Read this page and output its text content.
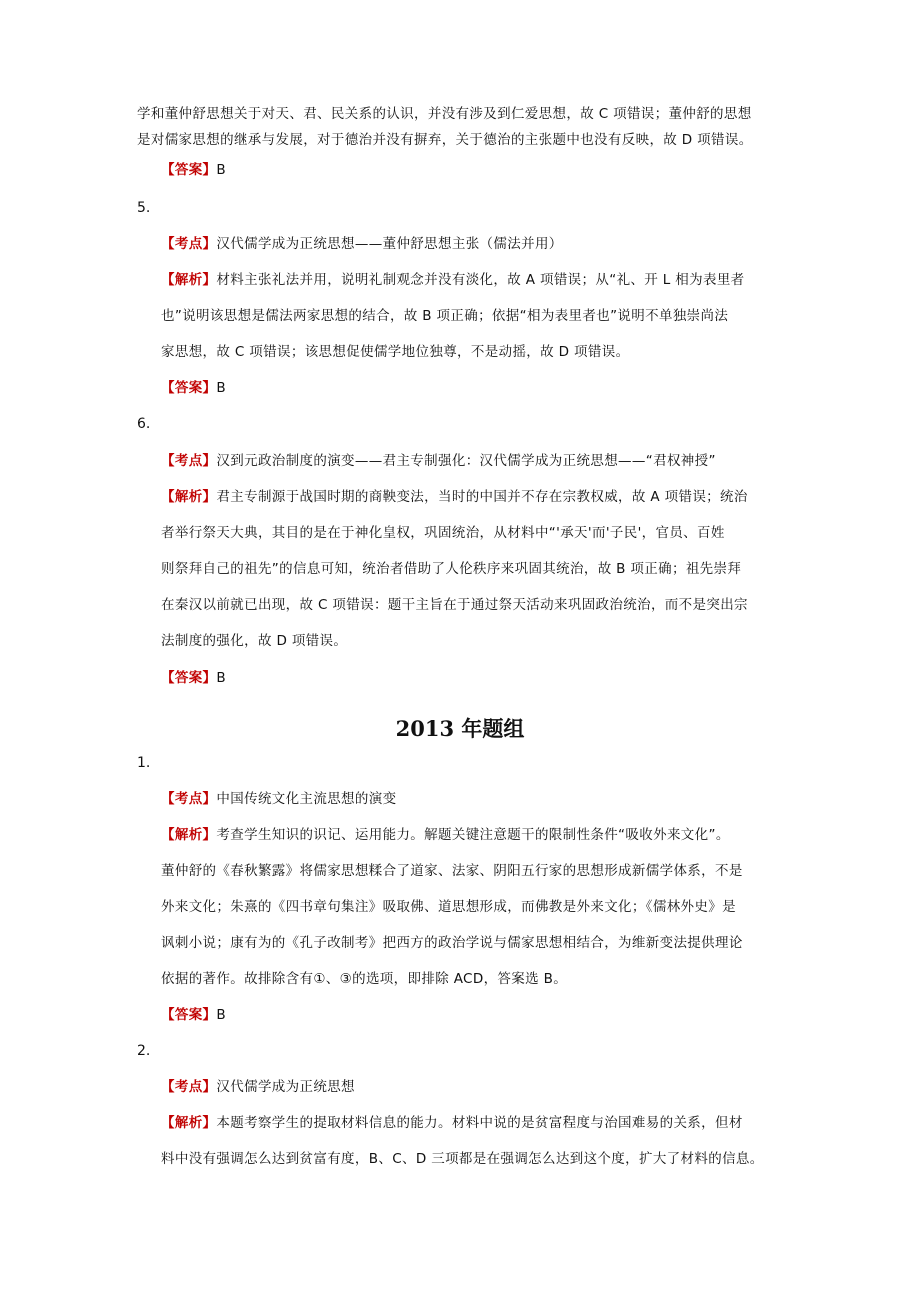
学和董仲舒思想关于对天、君、民关系的认识，并没有涉及到仁爱思想，故 C 项错误；董仲舒的思想
是对儒家思想的继承与发展，对于德治并没有摒弃，关于德治的主张题中也没有反映，故 D 项错误。
【答案】B
5.
【考点】汉代儒学成为正统思想——董仲舒思想主张（儒法并用）
【解析】材料主张礼法并用，说明礼制观念并没有淡化，故 A 项错误；从“礼、开 L 相为表里者
也”说明该思想是儒法两家思想的结合，故 B 项正确；依据“相为表里者也”说明不单独崇尚法
家思想，故 C 项错误；该思想促使儒学地位独尊，不是动摇，故 D 项错误。
【答案】B
6.
【考点】汉到元政治制度的演变——君主专制强化：汉代儒学成为正统思想——“君权神授”
【解析】君主专制源于战国时期的商鞅变法，当时的中国并不存在宗教权威，故 A 项错误；统治
者举行祭天大典，其目的是在于神化皇权，巩固统治，从材料中“'承天'而'子民'，官员、百姓
则祭拜自己的祖先”的信息可知，统治者借助了人伦秩序来巩固其统治，故 B 项正确；祖先崇拜
在秦汉以前就已出现，故 C 项错误：题干主旨在于通过祭天活动来巩固政治统治，而不是突出宗
法制度的强化，故 D 项错误。
【答案】B
2013 年题组
1.
【考点】中国传统文化主流思想的演变
【解析】考查学生知识的识记、运用能力。解题关键注意题干的限制性条件“吸收外来文化”。
董仲舒的《春秋繁露》将儒家思想糅合了道家、法家、阴阳五行家的思想形成新儒学体系，不是
外来文化；朱熹的《四书章句集注》吸取佛、道思想形成，而佛教是外来文化；《儒林外史》是
讽刺小说；康有为的《孔子改制考》把西方的政治学说与儒家思想相结合，为维新变法提供理论
依据的著作。故排除含有①、③的选项，即排除 ACD，答案选 B。
【答案】B
2.
【考点】汉代儒学成为正统思想
【解析】本题考察学生的提取材料信息的能力。材料中说的是贫富程度与治国难易的关系，但材
料中没有强调怎么达到贫富有度，B、C、D 三项都是在强调怎么达到这个度，扩大了材料的信息。
